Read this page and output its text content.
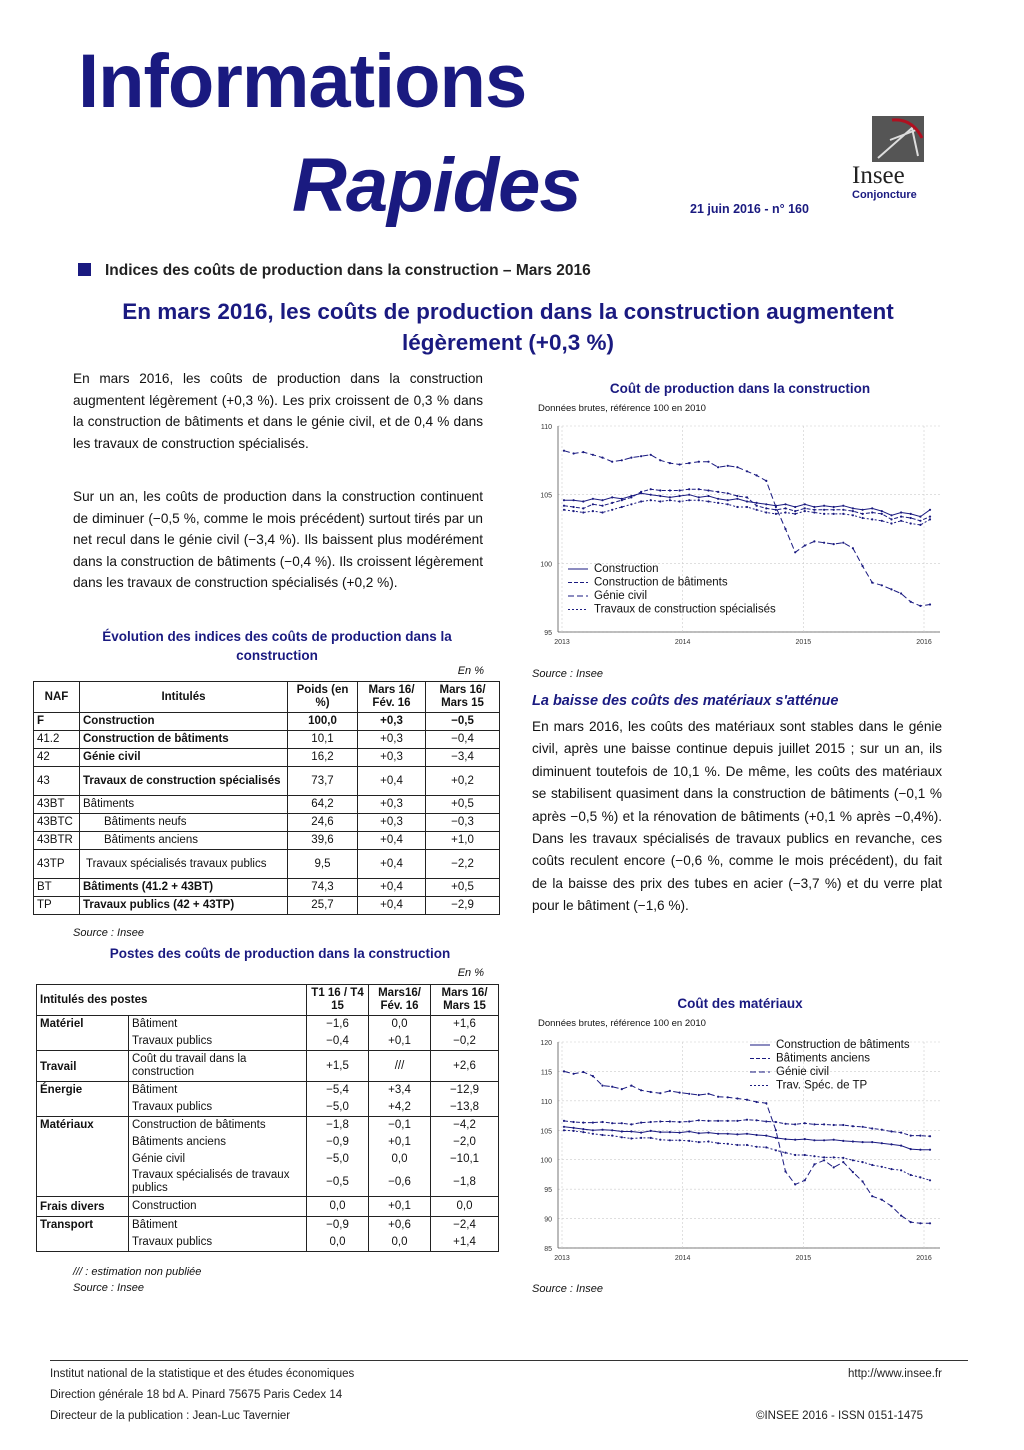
Informations
Rapides	21 juin 2016 - n° 160
Insee
Conjoncture
Indices des coûts de production dans la construction – Mars 2016
En mars 2016, les coûts de production dans la construction augmentent légèrement (+0,3 %)

En mars 2016, les coûts de production dans la construction augmentent légèrement (+0,3 %). Les prix croissent de 0,3 % dans la construction de bâtiments et dans le génie civil, et de 0,4 % dans les travaux de construction spécialisés.

Sur un an, les coûts de production dans la construction continuent de diminuer (−0,5 %, comme le mois précédent) surtout tirés par un net recul dans le génie civil (−3,4 %). Ils baissent plus modérément dans la construction de bâtiments (−0,4 %). Ils croissent légèrement dans les travaux de construction spécialisés (+0,2 %).

Évolution des indices des coûts de production dans la construction
En %
NAF	Intitulés	Poids (en %)	Mars 16/ Fév. 16	Mars 16/ Mars 15
F	Construction	100,0	+0,3	−0,5
41.2	Construction de bâtiments	10,1	+0,3	−0,4
42	Génie civil	16,2	+0,3	−3,4
43	Travaux de construction spécialisés	73,7	+0,4	+0,2
43BT	Bâtiments	64,2	+0,3	+0,5
43BTC	Bâtiments neufs	24,6	+0,3	−0,3
43BTR	Bâtiments anciens	39,6	+0,4	+1,0
43TP	Travaux spécialisés travaux publics	9,5	+0,4	−2,2
BT	Bâtiments (41.2 + 43BT)	74,3	+0,4	+0,5
TP	Travaux publics (42 + 43TP)	25,7	+0,4	−2,9
Source : Insee
Postes des coûts de production dans la construction
En %
Intitulés des postes		T1 16 / T4 15	Mars16/ Fév. 16	Mars 16/ Mars 15
Matériel	Bâtiment	−1,6	0,0	+1,6
	Travaux publics	−0,4	+0,1	−0,2
Travail	Coût du travail dans la construction	+1,5	///	+2,6
Énergie	Bâtiment	−5,4	+3,4	−12,9
	Travaux publics	−5,0	+4,2	−13,8
Matériaux	Construction de bâtiments	−1,8	−0,1	−4,2
	Bâtiments anciens	−0,9	+0,1	−2,0
	Génie civil	−5,0	0,0	−10,1
	Travaux spécialisés de travaux publics	−0,5	−0,6	−1,8
Frais divers	Construction	0,0	+0,1	0,0
Transport	Bâtiment	−0,9	+0,6	−2,4
	Travaux publics	0,0	0,0	+1,4
/// : estimation non publiée
Source : Insee
Coût de production dans la construction
Données brutes, référence 100 en 2010
95
100
105
110
2013	2014	2015	2016
Construction
Construction de bâtiments
Génie civil
Travaux de construction spécialisés
Source : Insee
La baisse des coûts des matériaux s'atténue

En mars 2016, les coûts des matériaux sont stables dans le génie civil, après une baisse continue depuis juillet 2015 ; sur un an, ils diminuent toutefois de 10,1 %. De même, les coûts des matériaux se stabilisent quasiment dans la construction de bâtiments (−0,1 % après −0,5 %) et la rénovation de bâtiments (+0,1 % après −0,4%). Dans les travaux spécialisés de travaux publics en revanche, ces coûts reculent encore (−0,6 %, comme le mois précédent), du fait de la baisse des prix des tubes en acier (−3,7 %) et du verre plat pour le bâtiment (−1,6 %).

Coût des matériaux
Données brutes, référence 100 en 2010
85
90
95
100
105
110
115
120
2013	2014	2015	2016
Construction de bâtiments
Bâtiments anciens
Génie civil
Trav. Spéc. de TP
Source : Insee
Institut national de la statistique et des études économiques
Direction générale 18 bd A. Pinard 75675 Paris Cedex 14
Directeur de la publication : Jean-Luc Tavernier
http://www.insee.fr
©INSEE 2016 - ISSN 0151-1475
